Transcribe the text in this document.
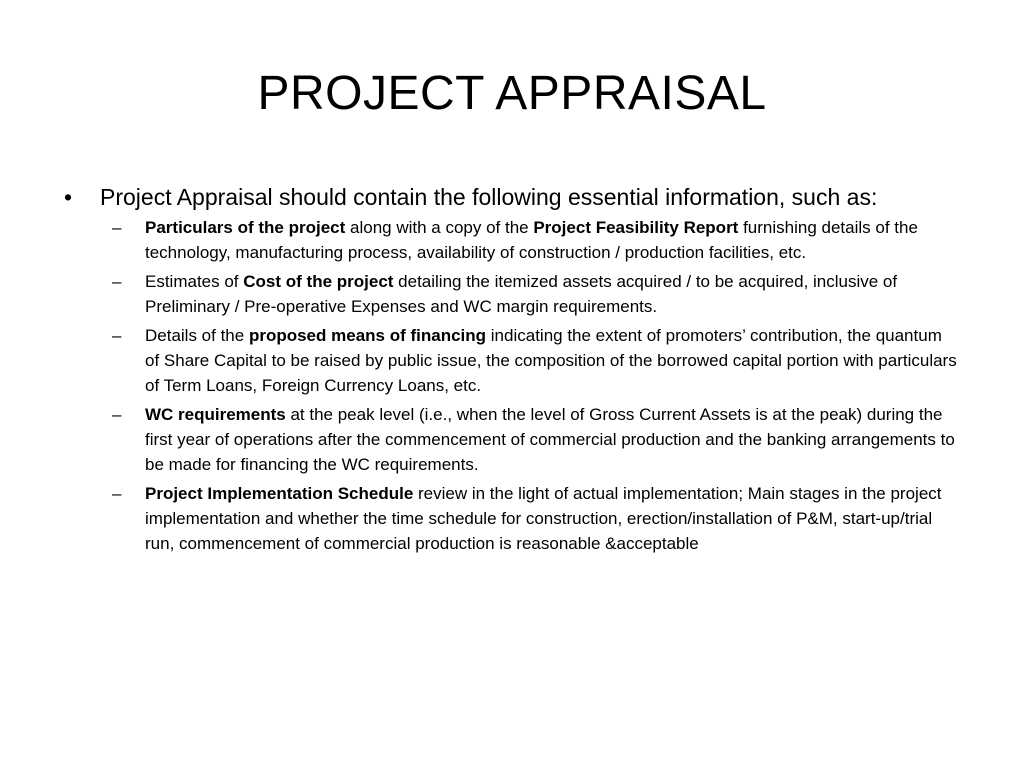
PROJECT APPRAISAL
• Project Appraisal should contain the following essential information, such as:
– Particulars of the project along with a copy of the Project Feasibility Report furnishing details of the technology, manufacturing process, availability of construction / production facilities, etc.
– Estimates of Cost of the project detailing the itemized assets acquired / to be acquired, inclusive of Preliminary / Pre-operative Expenses and WC margin requirements.
– Details of the proposed means of financing indicating the extent of promoters’ contribution, the quantum of Share Capital to be raised by public issue, the composition of the borrowed capital portion with particulars of Term Loans, Foreign Currency Loans, etc.
– WC requirements at the peak level (i.e., when the level of Gross Current Assets is at the peak) during the first year of operations after the commencement of commercial production and the banking arrangements to be made for financing the WC requirements.
– Project Implementation Schedule review in the light of actual implementation; Main stages in the project implementation and whether the time schedule for construction, erection/installation of P&M, start-up/trial run, commencement of commercial production is reasonable &acceptable
